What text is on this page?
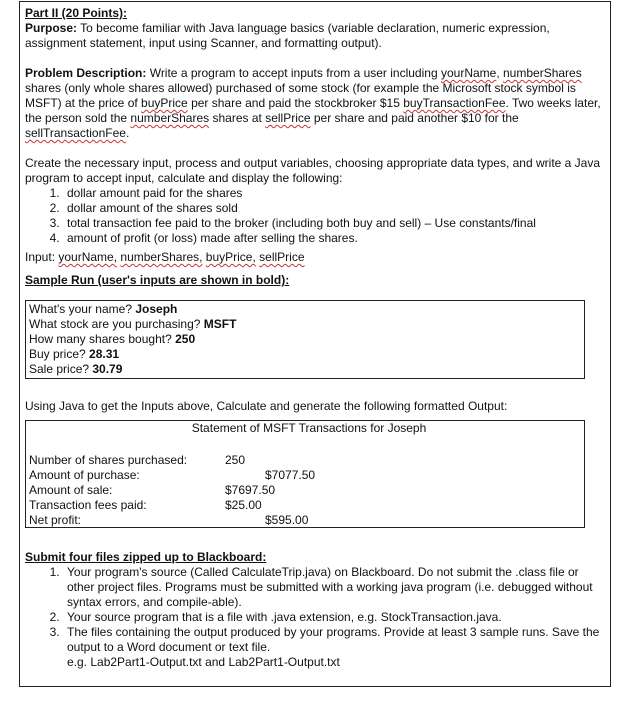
Part II (20 Points):

Purpose: To become familiar with Java language basics (variable declaration, numeric expression, assignment statement, input using Scanner, and formatting output).

Problem Description: Write a program to accept inputs from a user including yourName, numberShares shares (only whole shares allowed) purchased of some stock (for example the Microsoft stock symbol is MSFT) at the price of buyPrice per share and paid the stockbroker $15 buyTransactionFee. Two weeks later, the person sold the numberShares shares at sellPrice per share and paid another $10 for the sellTransactionFee.

Create the necessary input, process and output variables, choosing appropriate data types, and write a Java program to accept input, calculate and display the following:

1. dollar amount paid for the shares
2. dollar amount of the shares sold
3. total transaction fee paid to the broker (including both buy and sell) – Use constants/final
4. amount of profit (or loss) made after selling the shares.

Input: yourName, numberShares, buyPrice, sellPrice

Sample Run (user's inputs are shown in bold):

What's your name? Joseph
What stock are you purchasing? MSFT
How many shares bought? 250
Buy price? 28.31
Sale price? 30.79

Using Java to get the Inputs above, Calculate and generate the following formatted Output:

Statement of MSFT Transactions for Joseph
Number of shares purchased:	250
Amount of purchase:	$7077.50
Amount of sale:	$7697.50
Transaction fees paid:	$25.00
Net profit:	$595.00

Submit four files zipped up to Blackboard:

1. Your program's source (Called CalculateTrip.java) on Blackboard. Do not submit the .class file or other project files. Programs must be submitted with a working java program (i.e. debugged without syntax errors, and compile-able).
2. Your source program that is a file with .java extension, e.g. StockTransaction.java.
3. The files containing the output produced by your programs. Provide at least 3 sample runs. Save the output to a Word document or text file.

e.g. Lab2Part1-Output.txt and Lab2Part1-Output.txt
